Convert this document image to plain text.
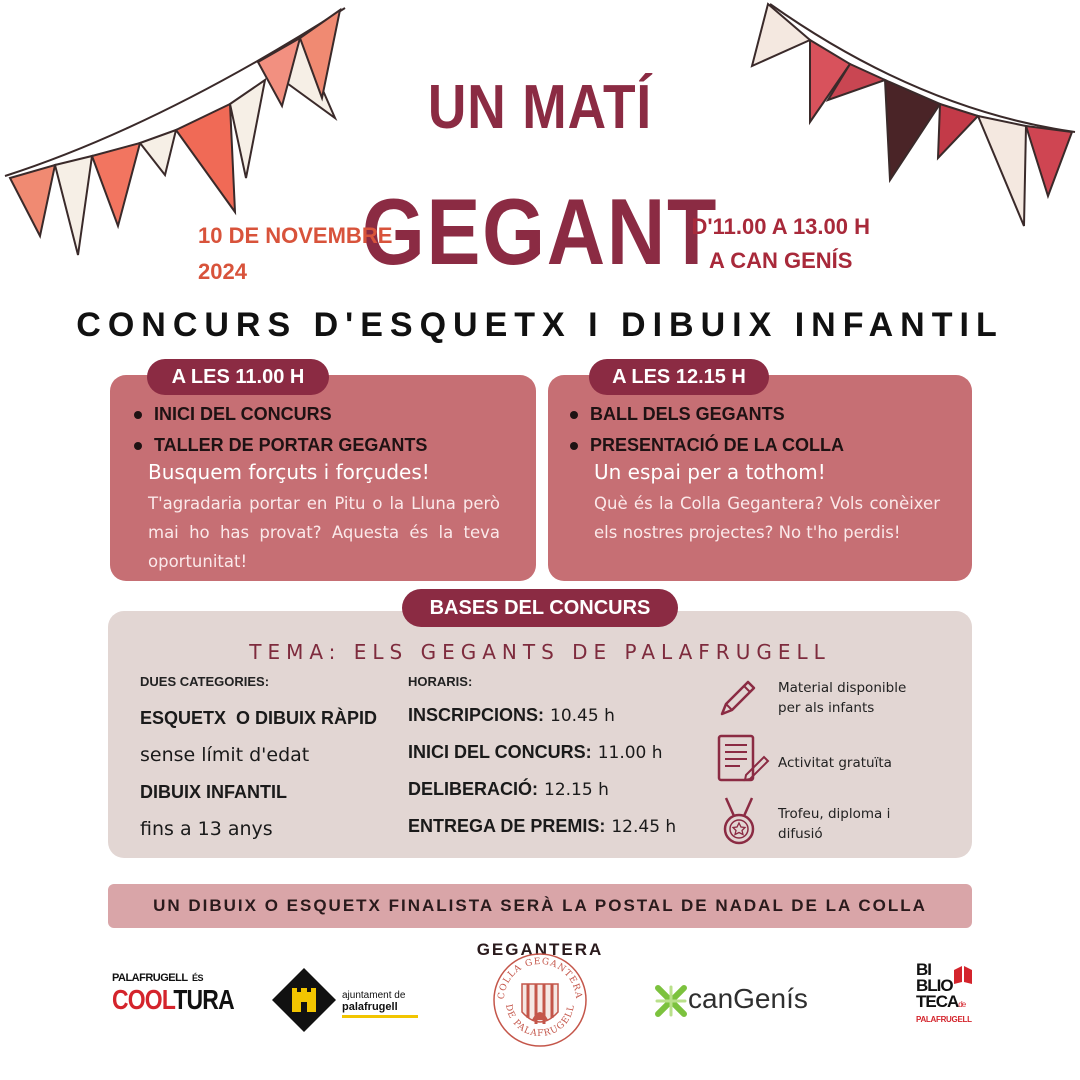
UN MATÍ
GEGANT
10 DE NOVEMBRE
2024
D'11.00 A 13.00 H
A CAN GENÍS
CONCURS D'ESQUETX I DIBUIX INFANTIL
A LES 11.00 H
INICI DEL CONCURS
TALLER DE PORTAR GEGANTS
Busquem forçuts i forçudes!
T'agradaria portar en Pitu o la Lluna però mai ho has provat? Aquesta és la teva oportunitat!
A LES 12.15 H
BALL DELS GEGANTS
PRESENTACIÓ DE LA COLLA
Un espai per a tothom!
Què és la Colla Gegantera? Vols conèixer els nostres projectes? No t'ho perdis!
BASES DEL CONCURS
TEMA: ELS GEGANTS DE PALAFRUGELL
DUES CATEGORIES:
ESQUETX  O DIBUIX RÀPID
sense límit d'edat
DIBUIX INFANTIL
fins a 13 anys
HORARIS:
INSCRIPCIONS: 10.45 h
INICI DEL CONCURS: 11.00 h
DELIBERACIÓ: 12.15 h
ENTREGA DE PREMIS: 12.45 h
Material disponible
per als infants
Activitat gratuïta
Trofeu, diploma i
difusió
UN DIBUIX O ESQUETX FINALISTA SERÀ LA POSTAL DE NADAL DE LA COLLA GEGANTERA
PALAFRUGELL ÉS
COOLTURA	ajuntament de
palafrugell
COLLA GEGANTERA
DE PALAFRUGELL	canGenís
BI
BLIO
TECAde
PALAFRUGELL
